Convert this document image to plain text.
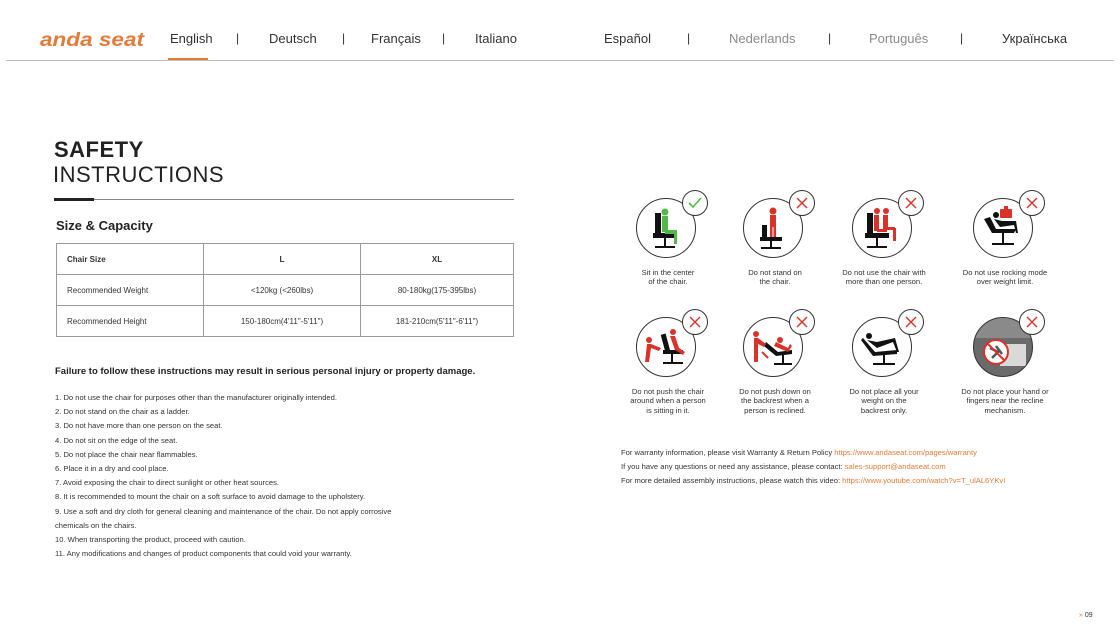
anda seat English | Deutsch | Français | Italiano	Español	|	Nederlands	|	Português	|	Українська
SAFETY
INSTRUCTIONS
Size & Capacity
Chair Size	L	XL
Recommended Weight	<120kg (<260lbs)	80-180kg(175-395lbs)
Recommended Height	150-180cm(4'11"-5'11")	181-210cm(5'11"-6'11")
Failure to follow these instructions may result in serious personal injury or property damage.
1. Do not use the chair for purposes other than the manufacturer originally intended.
2. Do not stand on the chair as a ladder.
3. Do not have more than one person on the seat.
4. Do not sit on the edge of the seat.
5. Do not place the chair near flammables.
6. Place it in a dry and cool place.
7. Avoid exposing the chair to direct sunlight or other heat sources.
8. It is recommended to mount the chair on a soft surface to avoid damage to the upholstery.
9. Use a soft and dry cloth for general cleaning and maintenance of the chair. Do not apply corrosive
chemicals on the chairs.
10. When transporting the product, proceed with caution.
11. Any modifications and changes of product components that could void your warranty.
Sit in the center
of the chair.
Do not stand on
the chair.
Do not use the chair with
more than one person.
Do not use rocking mode
over weight limit.
Do not push the chair
around when a person
is sitting in it.
Do not push down on
the backrest when a
person is reclined.
Do not place all your
weight on the
backrest only.
Do not place your hand or
fingers near the recline
mechanism.
For warranty information, please visit Warranty & Return Policy https://www.andaseat.com/pages/warranty
If you have any questions or need any assistance, please contact: sales-support@andaseat.com
For more detailed assembly instructions, please watch this video: https://www.youtube.com/watch?v=T_ulAL6YKvI
» 09
